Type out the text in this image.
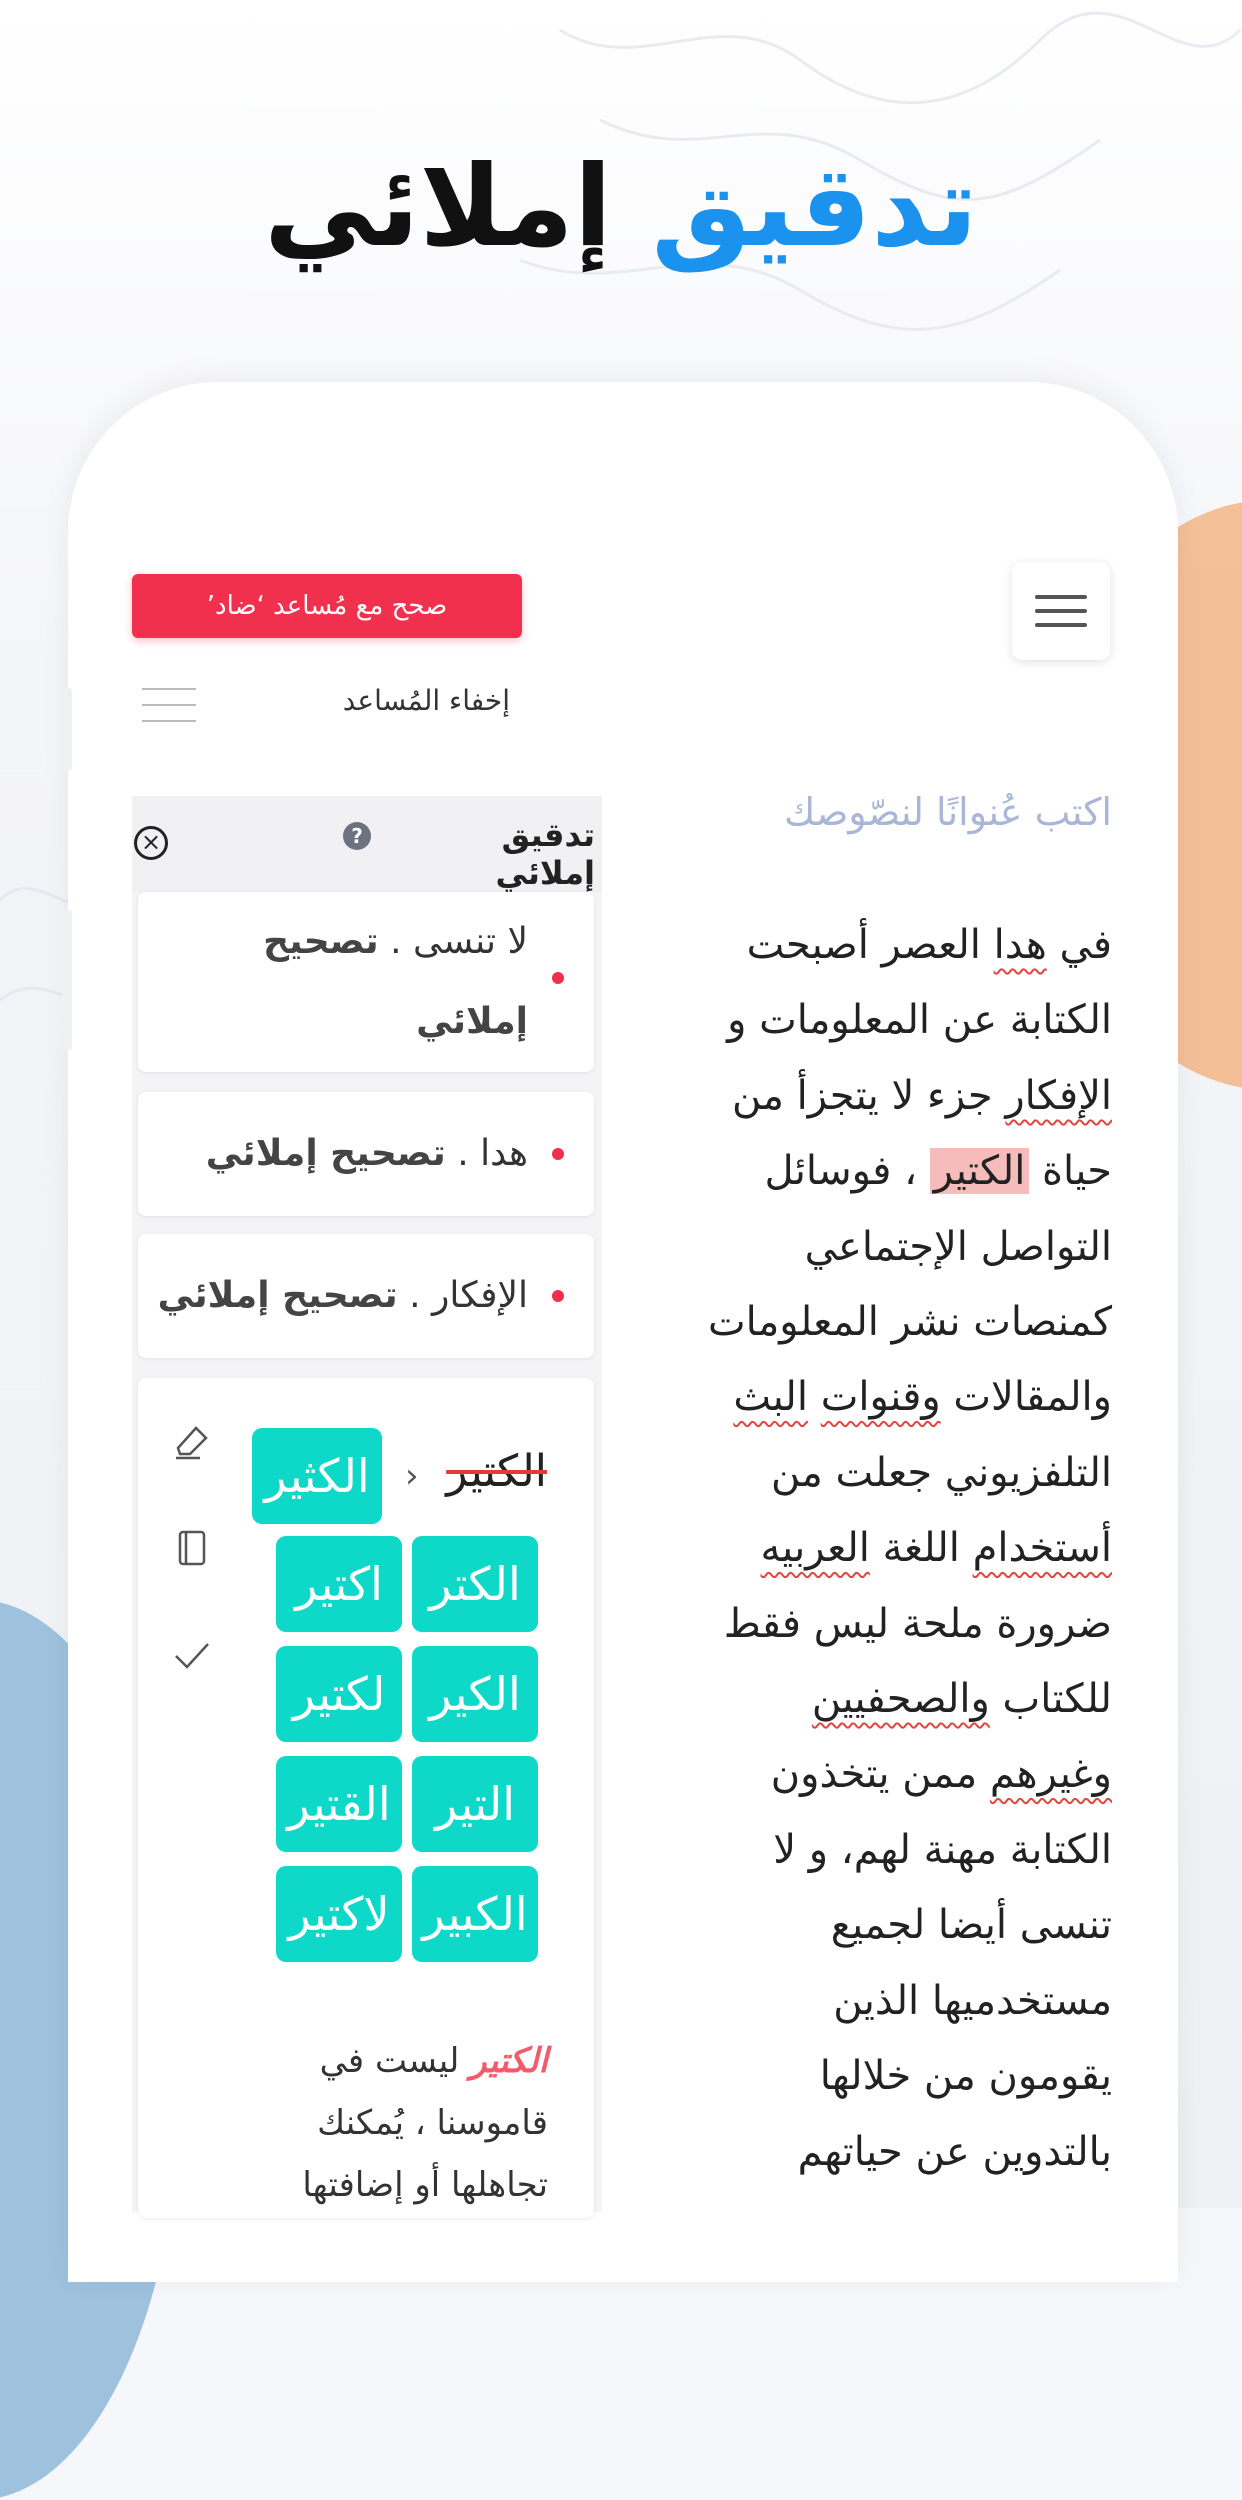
تدقيق إملائي
اكتب عُنوانًا لنصّوصك
في هدا العصر أصبحت
الكتابة عن المعلومات و
الإفكار جزء لا يتجزأ من
حياة الكتير ، فوسائل
التواصل الإجتماعي
كمنصات نشر المعلومات
والمقالات وقنوات البث
التلفزيوني جعلت من
أستخدام اللغة العربيه
ضرورة ملحة ليس فقط
للكتاب والصحفيين
وغيرهم ممن يتخذون
الكتابة مهنة لهم، و لا
تنسى أيضا لجميع
مستخدميها الذين
يقومون من خلالها
بالتدوين عن حياتهم
صحح مع مُساعد ‘ضاد’
إخفاء المُساعد
تدقيق إملائي
?
×
لا تنسى . تصحيح
إملائي
هدا . تصحيح إملائي
الإفكار . تصحيح إملائي
الكتير
›
الكثير
الكتر
اكتير
الكير
لكتير
التير
القتير
الكبير
لاكتير
الكتير ليست في
قاموسنا ، يُمكنك
تجاهلها أو إضافتها
